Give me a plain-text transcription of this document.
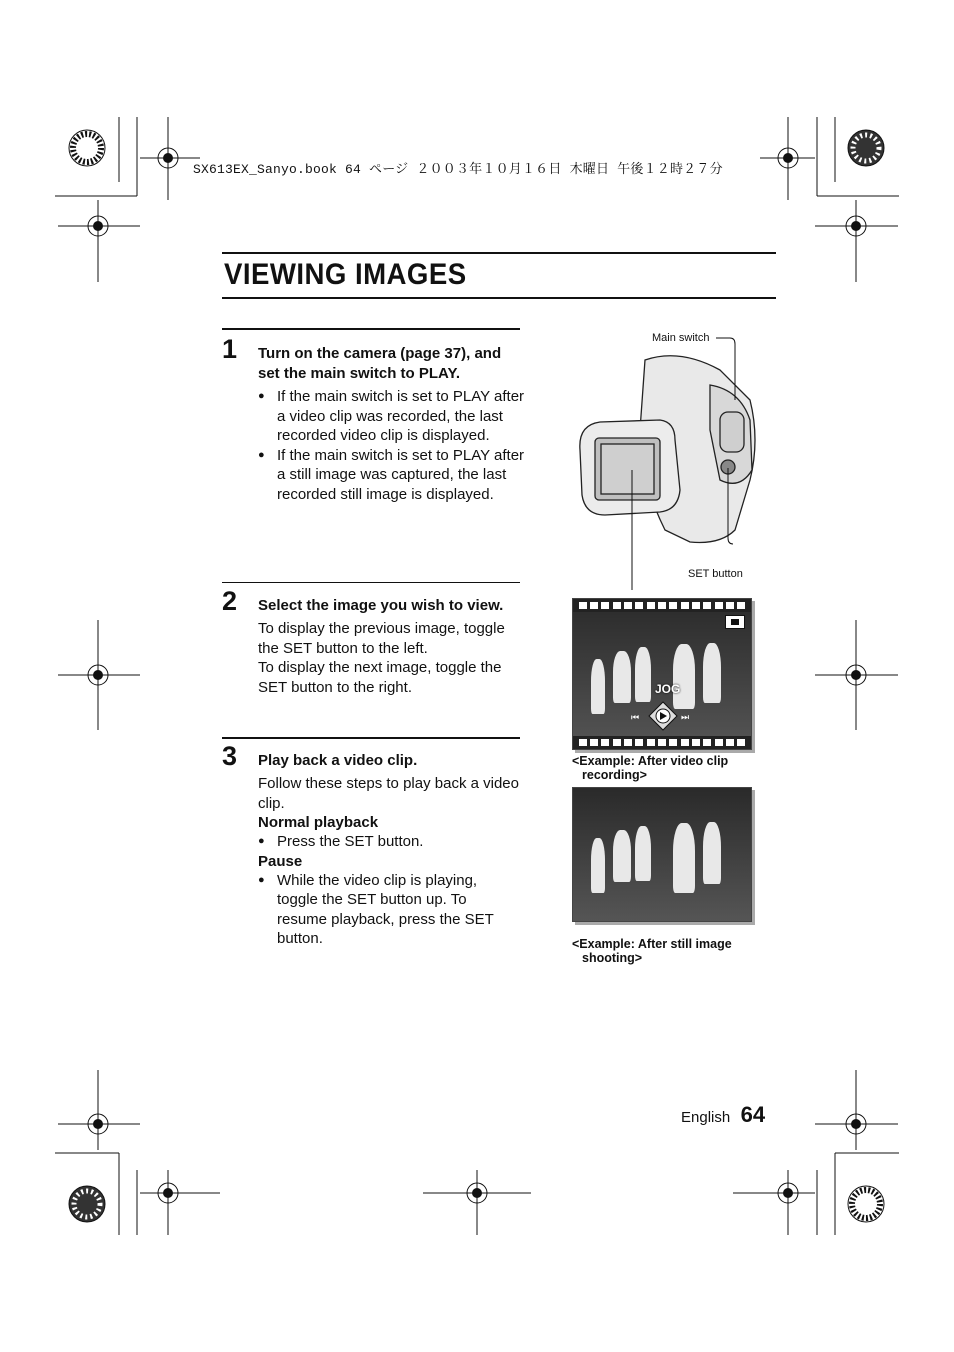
SX613EX_Sanyo.book 64 ページ ２００３年１０月１６日 木曜日 午後１２時２７分
VIEWING IMAGES
1 Turn on the camera (page 37), and set the main switch to PLAY.
● If the main switch is set to PLAY after a video clip was recorded, the last recorded video clip is displayed.
● If the main switch is set to PLAY after a still image was captured, the last recorded still image is displayed.
2 Select the image you wish to view.
To display the previous image, toggle the SET button to the left.
To display the next image, toggle the SET button to the right.
3 Play back a video clip.
Follow these steps to play back a video clip.
Normal playback
● Press the SET button.
Pause
● While the video clip is playing, toggle the SET button up. To resume playback, press the SET button.
Main switch
SET button
JOG
⏮	⏭
<Example: After video clip
recording>
<Example: After still image
shooting>
English 64
